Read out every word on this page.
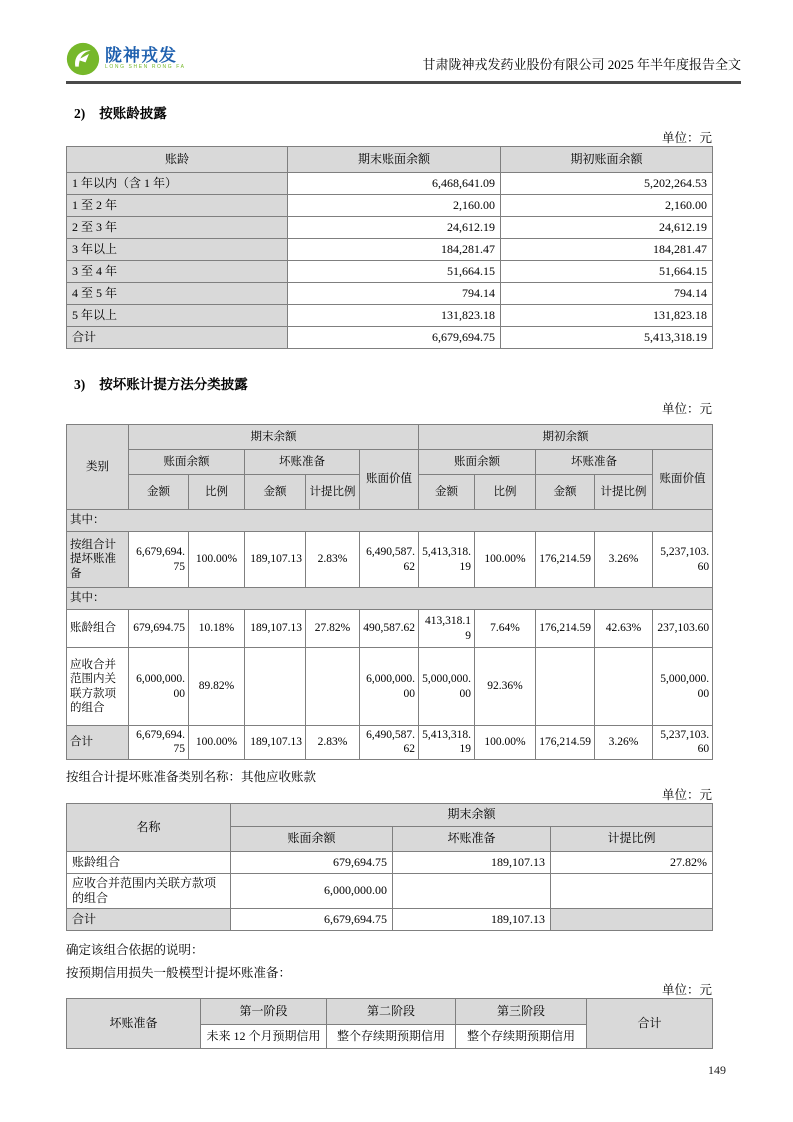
陇神戎发
LONG SHEN RONG FA	甘肃陇神戎发药业股份有限公司 2025 年半年度报告全文
2) 按账龄披露
单位：元
账龄	期末账面余额	期初账面余额
1 年以内（含 1 年）	6,468,641.09	5,202,264.53
1 至 2 年	2,160.00	2,160.00
2 至 3 年	24,612.19	24,612.19
3 年以上	184,281.47	184,281.47
3 至 4 年	51,664.15	51,664.15
4 至 5 年	794.14	794.14
5 年以上	131,823.18	131,823.18
合计	6,679,694.75	5,413,318.19
3) 按坏账计提方法分类披露
单位：元
类别	期末余额					期初余额				
	账面余额		坏账准备		账面价值	账面余额		坏账准备		账面价值
	金额	比例	金额	计提比例		金额	比例	金额	计提比例	
其中：										
按组合计提坏账准备	6,679,694.75	100.00%	189,107.13	2.83%	6,490,587.62	5,413,318.19	100.00%	176,214.59	3.26%	5,237,103.60
其中：										
账龄组合	679,694.75	10.18%	189,107.13	27.82%	490,587.62	413,318.19	7.64%	176,214.59	42.63%	237,103.60
应收合并范围内关联方款项的组合	6,000,000.00	89.82%			6,000,000.00	5,000,000.00	92.36%			5,000,000.00
合计	6,679,694.75	100.00%	189,107.13	2.83%	6,490,587.62	5,413,318.19	100.00%	176,214.59	3.26%	5,237,103.60
按组合计提坏账准备类别名称：其他应收账款
单位：元
名称	期末余额		
	账面余额	坏账准备	计提比例
账龄组合	679,694.75	189,107.13	27.82%
应收合并范围内关联方款项的组合	6,000,000.00		
合计	6,679,694.75	189,107.13	
确定该组合依据的说明：
按预期信用损失一般模型计提坏账准备：
单位：元
坏账准备	第一阶段	第二阶段	第三阶段	合计
	未来 12 个月预期信用	整个存续期预期信用	整个存续期预期信用	
149
